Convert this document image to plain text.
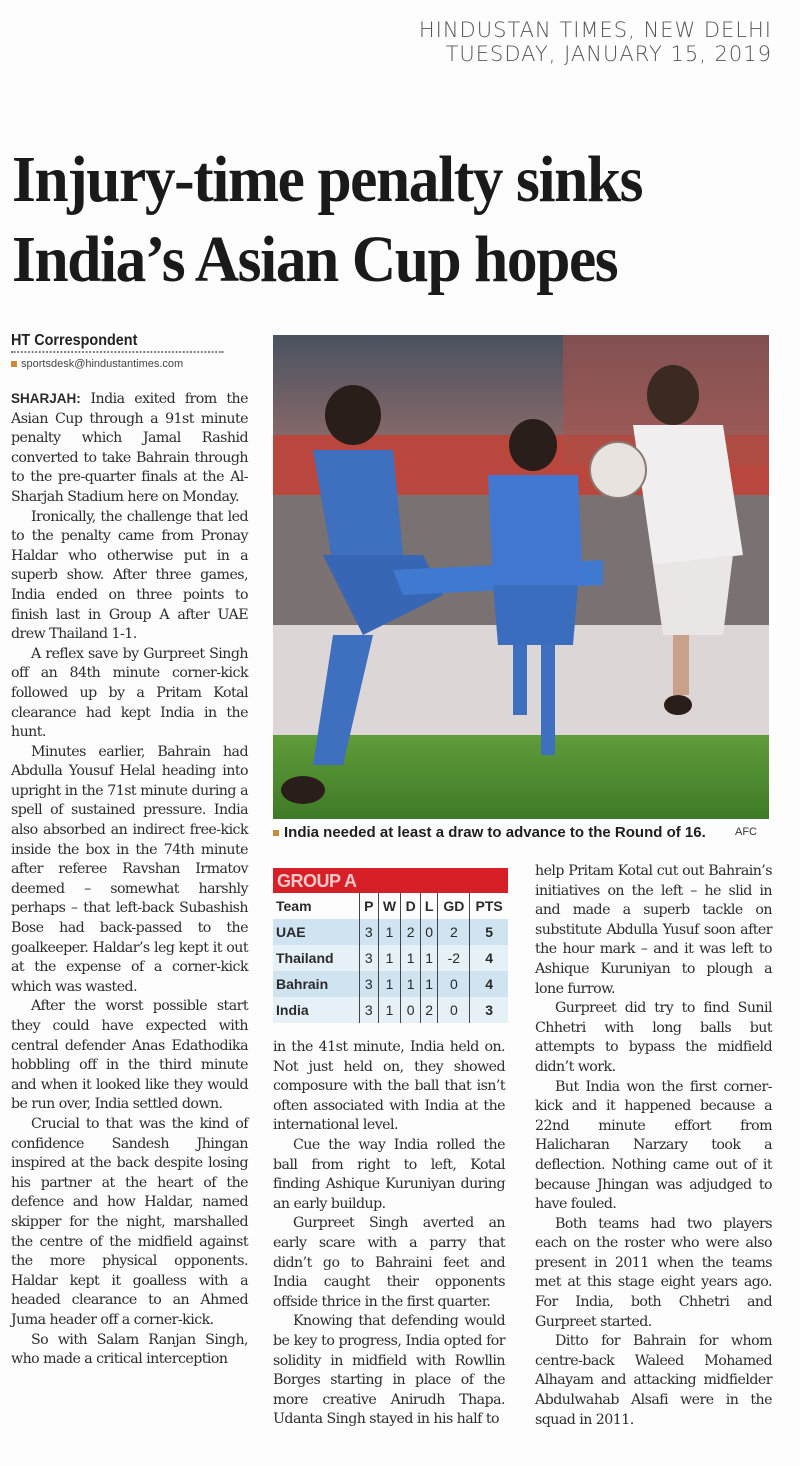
HINDUSTAN TIMES, NEW DELHI
TUESDAY, JANUARY 15, 2019
Injury-time penalty sinks
India’s Asian Cup hopes
HT Correspondent
sportsdesk@hindustantimes.com

SHARJAH: India exited from the Asian Cup through a 91st minute penalty which Jamal Rashid converted to take Bahrain through to the pre-quarter finals at the Al-Sharjah Stadium here on Monday.

Ironically, the challenge that led to the penalty came from Pronay Haldar who otherwise put in a superb show. After three games, India ended on three points to finish last in Group A after UAE drew Thailand 1-1.

A reflex save by Gurpreet Singh off an 84th minute corner-kick followed up by a Pritam Kotal clearance had kept India in the hunt.

Minutes earlier, Bahrain had Abdulla Yousuf Helal heading into upright in the 71st minute during a spell of sustained pressure. India also absorbed an indirect free-kick inside the box in the 74th minute after referee Ravshan Irmatov deemed – somewhat harshly perhaps – that left-back Subashish Bose had back-passed to the goalkeeper. Haldar’s leg kept it out at the expense of a corner-kick which was wasted.

After the worst possible start they could have expected with central defender Anas Edathodika hobbling off in the third minute and when it looked like they would be run over, India settled down.

Crucial to that was the kind of confidence Sandesh Jhingan inspired at the back despite losing his partner at the heart of the defence and how Haldar, named skipper for the night, marshalled the centre of the midfield against the more physical opponents. Haldar kept it goalless with a headed clearance to an Ahmed Juma header off a corner-kick.

So with Salam Ranjan Singh, who made a critical interception

India needed at least a draw to advance to the Round of 16.	AFC
GROUP A
Team	P	W	D	L	GD	PTS
UAE	3	1	2	0	2	5
Thailand	3	1	1	1	-2	4
Bahrain	3	1	1	1	0	4
India	3	1	0	2	0	3

in the 41st minute, India held on. Not just held on, they showed composure with the ball that isn’t often associated with India at the international level.

Cue the way India rolled the ball from right to left, Kotal finding Ashique Kuruniyan during an early buildup.

Gurpreet Singh averted an early scare with a parry that didn’t go to Bahraini feet and India caught their opponents offside thrice in the first quarter.

Knowing that defending would be key to progress, India opted for solidity in midfield with Rowllin Borges starting in place of the more creative Anirudh Thapa. Udanta Singh stayed in his half to

help Pritam Kotal cut out Bahrain’s initiatives on the left – he slid in and made a superb tackle on substitute Abdulla Yusuf soon after the hour mark – and it was left to Ashique Kuruniyan to plough a lone furrow.

Gurpreet did try to find Sunil Chhetri with long balls but attempts to bypass the midfield didn’t work.

But India won the first corner-kick and it happened because a 22nd minute effort from Halicharan Narzary took a deflection. Nothing came out of it because Jhingan was adjudged to have fouled.

Both teams had two players each on the roster who were also present in 2011 when the teams met at this stage eight years ago. For India, both Chhetri and Gurpreet started.

Ditto for Bahrain for whom centre-back Waleed Mohamed Alhayam and attacking midfielder Abdulwahab Alsafi were in the squad in 2011.
